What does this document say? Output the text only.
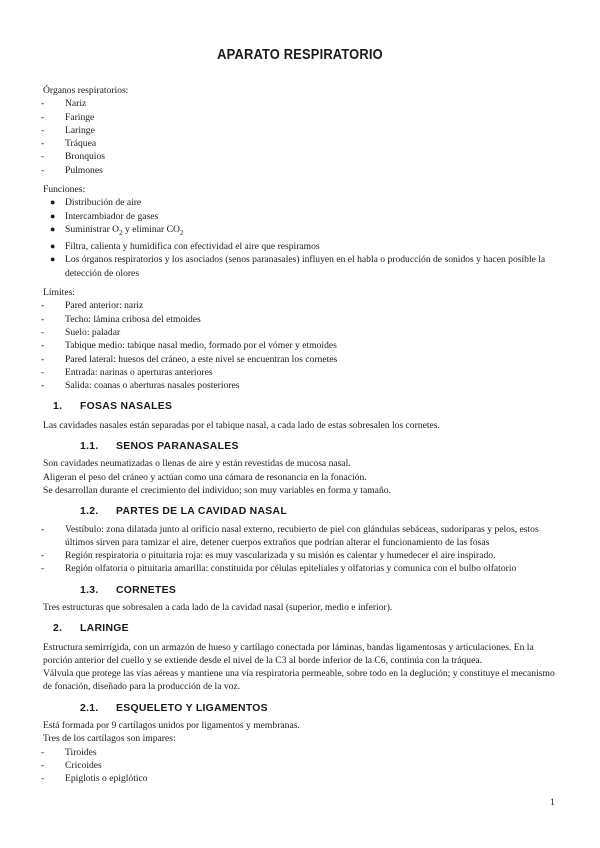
APARATO RESPIRATORIO

Órganos respiratorios:

- Nariz
- Faringe
- Laringe
- Tráquea
- Bronquios
- Pulmones

Funciones:

● Distribución de aire
● Intercambiador de gases
● Suministrar $O_2$ y eliminar $CO_2$
● Filtra, calienta y humidifica con efectividad el aire que respiramos
● Los órganos respiratorios y los asociados (senos paranasales) influyen en el habla o producción de sonidos y hacen posible la detección de olores

Límites:

- Pared anterior: nariz
- Techo: lámina cribosa del etmoides
- Suelo: paladar
- Tabique medio: tabique nasal medio, formado por el vómer y etmoides
- Pared lateral: huesos del cráneo, a este nivel se encuentran los cornetes
- Entrada: narinas o aperturas anteriores
- Salida: coanas o aberturas nasales posteriores
1. FOSAS NASALES

Las cavidades nasales están separadas por el tabique nasal, a cada lado de estas sobresalen los cornetes.

1.1. SENOS PARANASALES

Son cavidades neumatizadas o llenas de aire y están revestidas de mucosa nasal.

Aligeran el peso del cráneo y actúan como una cámara de resonancia en la fonación.

Se desarrollan durante el crecimiento del individuo; son muy variables en forma y tamaño.

1.2. PARTES DE LA CAVIDAD NASAL
- Vestíbulo: zona dilatada junto al orificio nasal externo, recubierto de piel con glándulas sebáceas, sudoríparas y pelos, estos últimos sirven para tamizar el aire, detener cuerpos extraños que podrían alterar el funcionamiento de las fosas
- Región respiratoria o pituitaria roja: es muy vascularizada y su misión es calentar y humedecer el aire inspirado.
- Región olfatoria o pituitaria amarilla: constituida por células epiteliales y olfatorias y comunica con el bulbo olfatorio
1.3. CORNETES

Tres estructuras que sobresalen a cada lado de la cavidad nasal (superior, medio e inferior).

2. LARINGE

Estructura semirrígida, con un armazón de hueso y cartílago conectada por láminas, bandas ligamentosas y articulaciones. En la porción anterior del cuello y se extiende desde el nivel de la C3 al borde inferior de la C6, continúa con la tráquea.

Válvula que protege las vías aéreas y mantiene una vía respiratoria permeable, sobre todo en la deglución; y constituye el mecanismo de fonación, diseñado para la producción de la voz.

2.1. ESQUELETO Y LIGAMENTOS

Está formada por 9 cartílagos unidos por ligamentos y membranas.

Tres de los cartílagos son impares:

- Tiroides
- Cricoides
- Epiglotis o epiglótico
1
